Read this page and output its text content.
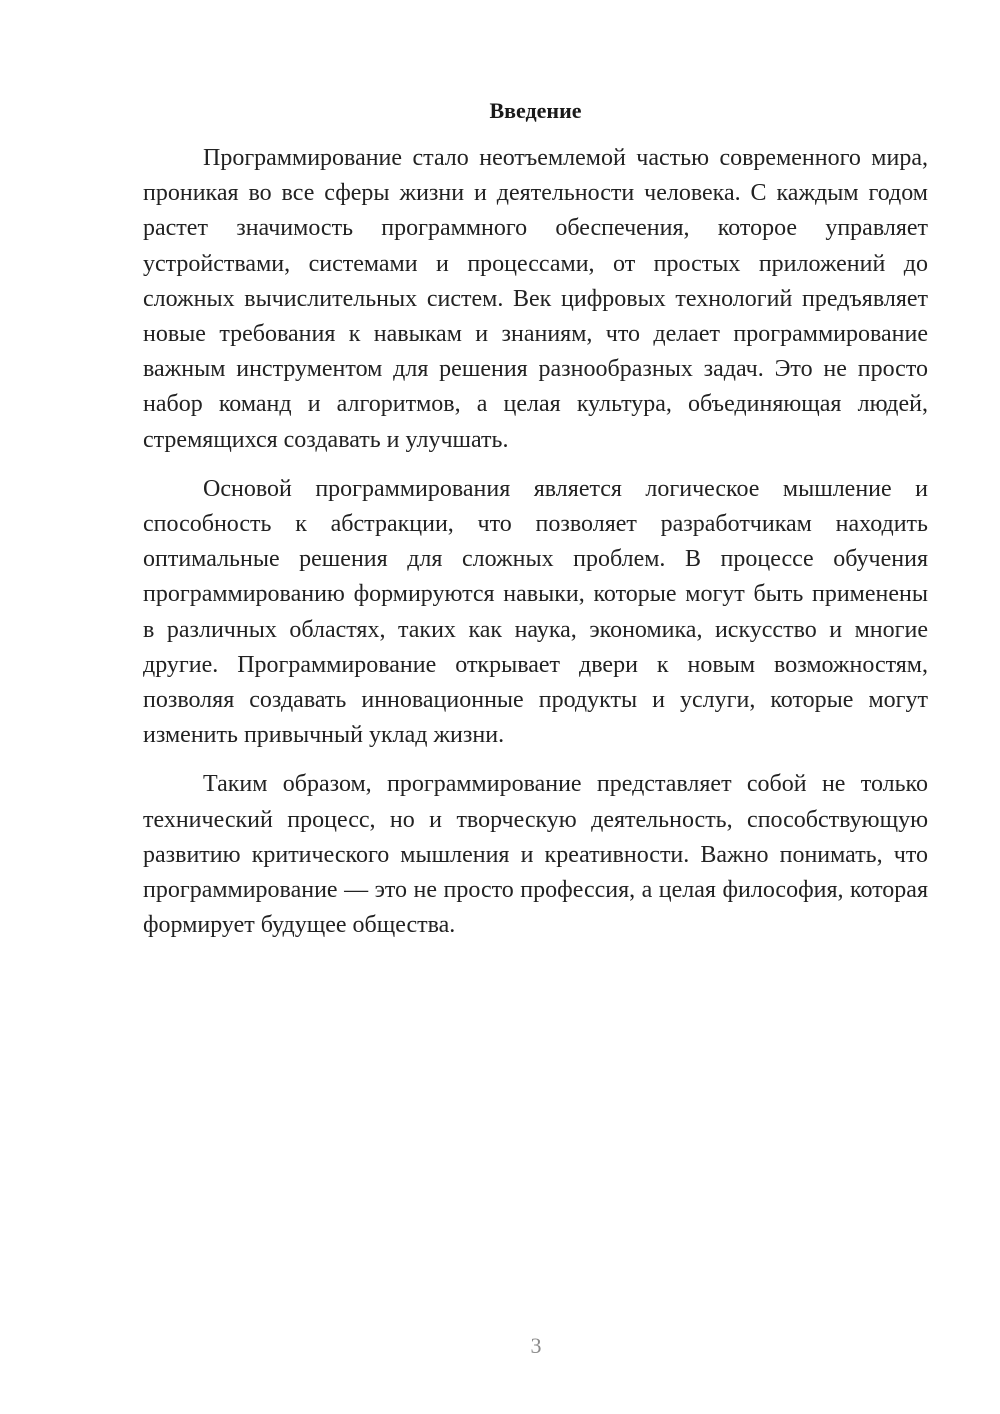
Введение

Программирование стало неотъемлемой частью современного мира, проникая во все сферы жизни и деятельности человека. С каждым годом растет значимость программного обеспечения, которое управляет устройствами, системами и процессами, от простых приложений до сложных вычислительных систем. Век цифровых технологий предъявляет новые требования к навыкам и знаниям, что делает программирование важным инструментом для решения разнообразных задач. Это не просто набор команд и алгоритмов, а целая культура, объединяющая людей, стремящихся создавать и улучшать.

Основой программирования является логическое мышление и способность к абстракции, что позволяет разработчикам находить оптимальные решения для сложных проблем. В процессе обучения программированию формируются навыки, которые могут быть применены в различных областях, таких как наука, экономика, искусство и многие другие. Программирование открывает двери к новым возможностям, позволяя создавать инновационные продукты и услуги, которые могут изменить привычный уклад жизни.

Таким образом, программирование представляет собой не только технический процесс, но и творческую деятельность, способствующую развитию критического мышления и креативности. Важно понимать, что программирование — это не просто профессия, а целая философия, которая формирует будущее общества.

3
